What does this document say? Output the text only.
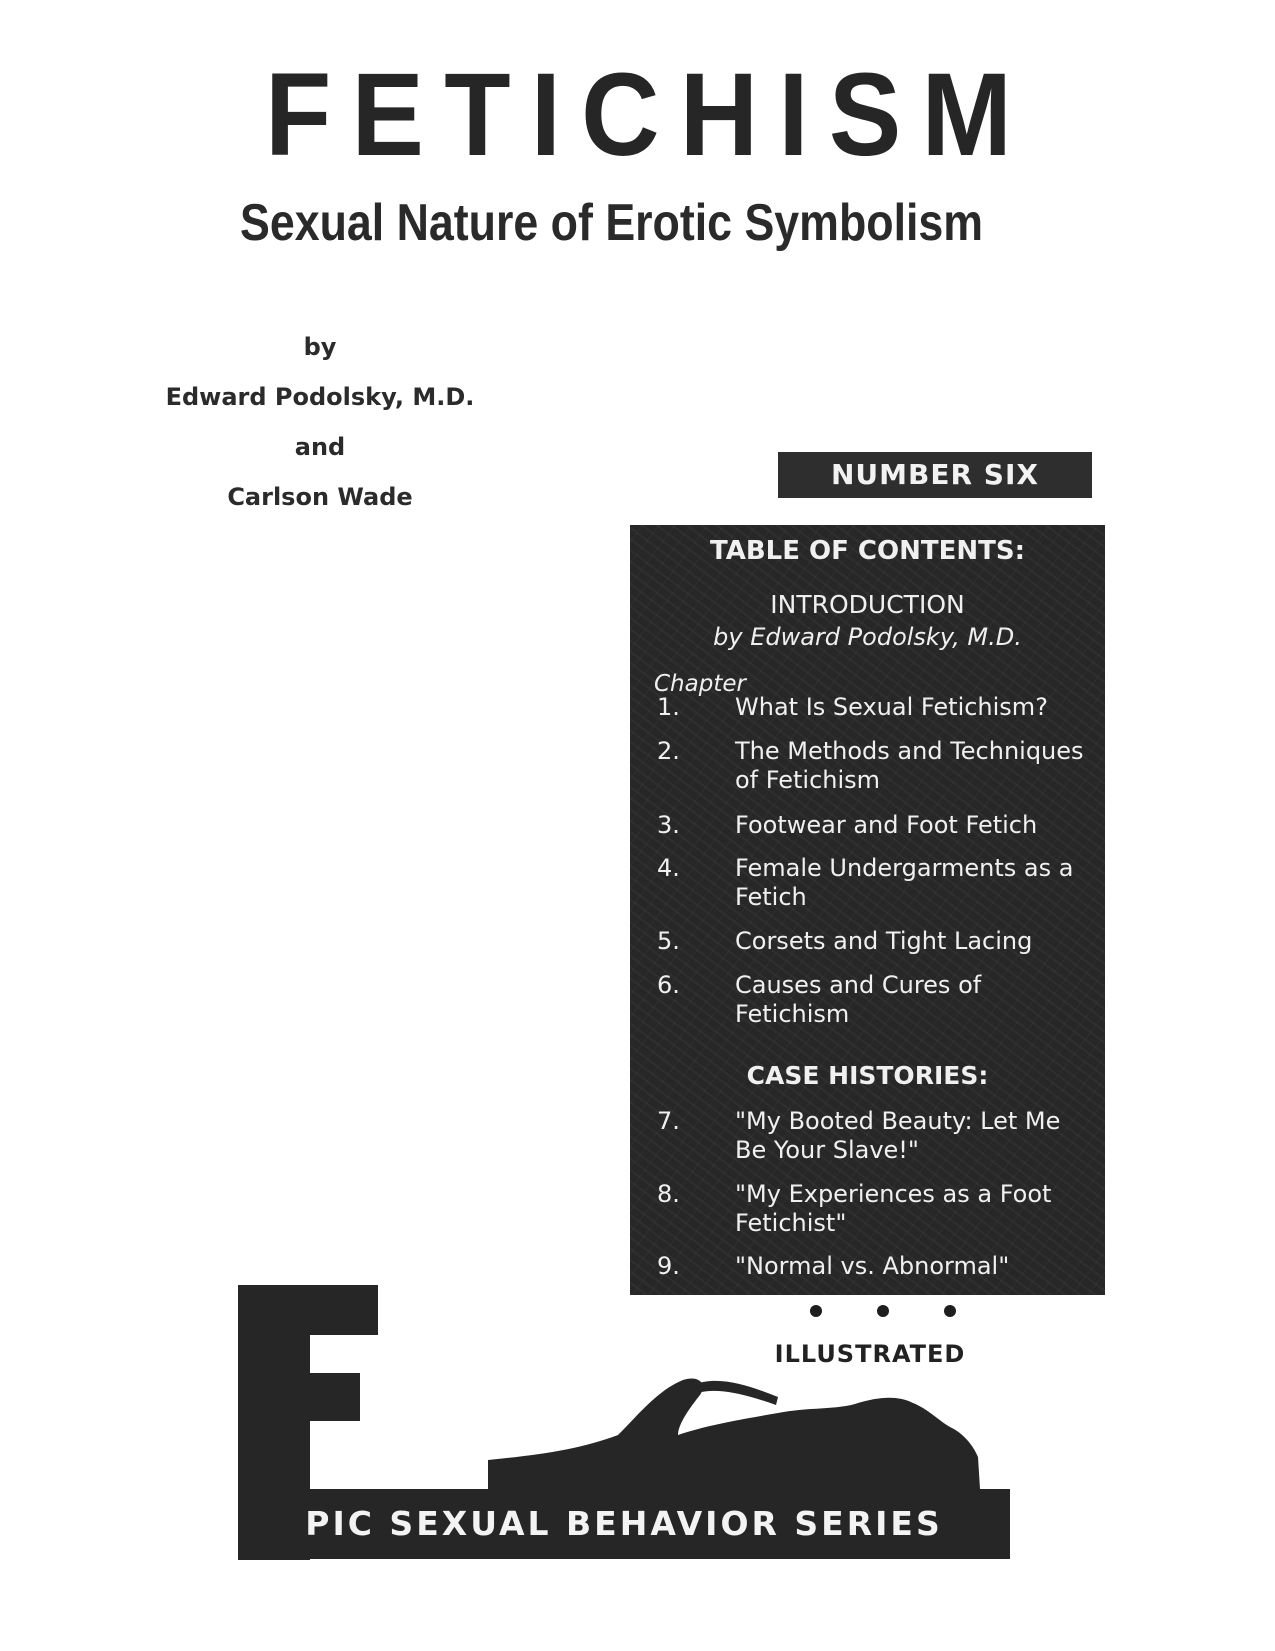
FETICHISM
Sexual Nature of Erotic Symbolism
by
Edward Podolsky, M.D.
and
Carlson Wade
NUMBER SIX
TABLE OF CONTENTS:
INTRODUCTION
by Edward Podolsky, M.D.
Chapter
1.	What Is Sexual Fetichism?
2.	The Methods and Techniques
of Fetichism
3.	Footwear and Foot Fetich
4.	Female Undergarments as a
Fetich
5.	Corsets and Tight Lacing
6.	Causes and Cures of
Fetichism
CASE HISTORIES:
7.	"My Booted Beauty: Let Me
Be Your Slave!"
8.	"My Experiences as a Foot
Fetichist"
9.	"Normal vs. Abnormal"
ILLUSTRATED
PIC SEXUAL BEHAVIOR SERIES
